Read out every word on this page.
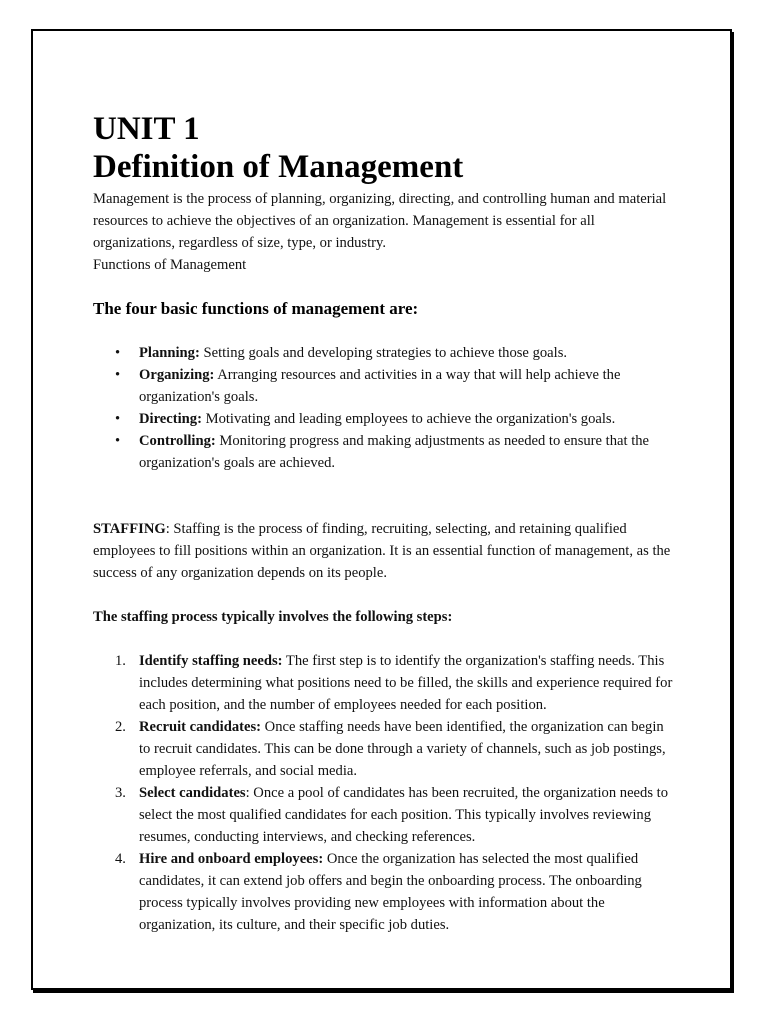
UNIT 1
Definition of Management

Management is the process of planning, organizing, directing, and controlling human and material resources to achieve the objectives of an organization. Management is essential for all organizations, regardless of size, type, or industry.

Functions of Management

The four basic functions of management are:

• Planning: Setting goals and developing strategies to achieve those goals.
• Organizing: Arranging resources and activities in a way that will help achieve the organization's goals.
• Directing: Motivating and leading employees to achieve the organization's goals.
• Controlling: Monitoring progress and making adjustments as needed to ensure that the organization's goals are achieved.

STAFFING: Staffing is the process of finding, recruiting, selecting, and retaining qualified employees to fill positions within an organization. It is an essential function of management, as the success of any organization depends on its people.

The staffing process typically involves the following steps:

1. Identify staffing needs: The first step is to identify the organization's staffing needs. This includes determining what positions need to be filled, the skills and experience required for each position, and the number of employees needed for each position.
2. Recruit candidates: Once staffing needs have been identified, the organization can begin to recruit candidates. This can be done through a variety of channels, such as job postings, employee referrals, and social media.
3. Select candidates: Once a pool of candidates has been recruited, the organization needs to select the most qualified candidates for each position. This typically involves reviewing resumes, conducting interviews, and checking references.
4. Hire and onboard employees: Once the organization has selected the most qualified candidates, it can extend job offers and begin the onboarding process. The onboarding process typically involves providing new employees with information about the organization, its culture, and their specific job duties.
